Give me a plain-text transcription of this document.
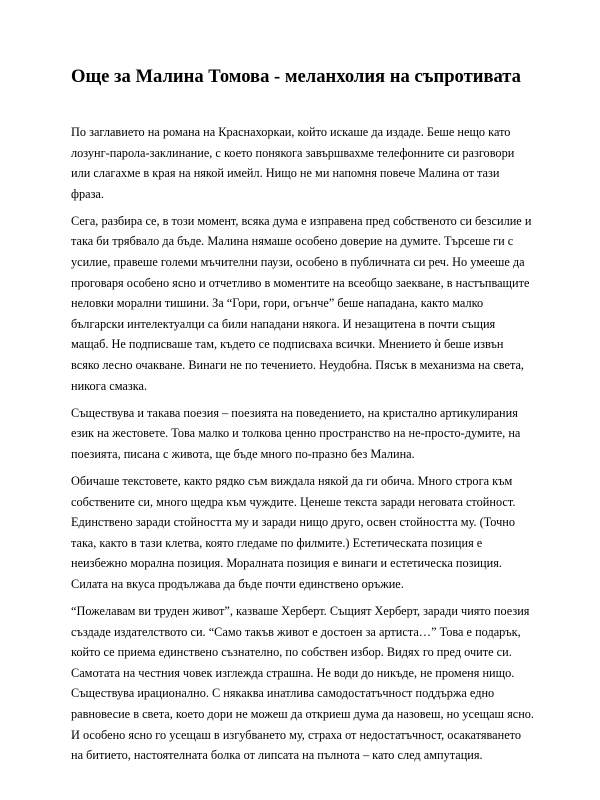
Още за Малина Томова - меланхолия на съпротивата

По заглавието на романа на Краснахоркаи, който искаше да издаде. Беше нещо като
лозунг-парола-заклинание, с което понякога завършвахме телефонните си разговори
или слагахме в края на някой имейл. Нищо не ми напомня повече Малина от тази
фраза.

Сега, разбира се, в този момент, всяка дума е изправена пред собственото си безсилие и
така би трябвало да бъде. Малина нямаше особено доверие на думите. Търсеше ги с
усилие, правеше големи мъчителни паузи, особено в публичната си реч. Но умееше да
проговаря особено ясно и отчетливо в моментите на всеобщо заекване, в настъпващите
неловки морални тишини. За “Гори, гори, огънче” беше нападана, както малко
български интелектуалци са били нападани някога. И незащитена в почти същия
мащаб. Не подписваше там, където се подписваха всички. Мнението ѝ беше извън
всяко лесно очакване. Винаги не по течението. Неудобна. Пясък в механизма на света,
никога смазка.

Съществува и такава поезия – поезията на поведението, на кристално артикулирания
език на жестовете. Това малко и толкова ценно пространство на не-просто-думите, на
поезията, писана с живота, ще бъде много по-празно без Малина.

Обичаше текстовете, както рядко съм виждала някой да ги обича. Много строга към
собствените си, много щедра към чуждите. Ценеше текста заради неговата стойност.
Единствено заради стойността му и заради нищо друго, освен стойността му. (Точно
така, както в тази клетва, която гледаме по филмите.) Естетическата позиция е
неизбежно морална позиция. Моралната позиция е винаги и естетическа позиция.
Силата на вкуса продължава да бъде почти единствено оръжие.

“Пожелавам ви труден живот”, казваше Херберт. Същият Херберт, заради чиято поезия
създаде издателството си. “Само такъв живот е достоен за артиста…” Това е подарък,
който се приема единствено съзнателно, по собствен избор. Видях го пред очите си.
Самотата на честния човек изглежда страшна. Не води до никъде, не променя нищо.
Съществува ирационално. С някаква инатлива самодостатъчност поддържа едно
равновесие в света, което дори не можеш да откриеш дума да назовеш, но усещаш ясно.
И особено ясно го усещаш в изгубването му, страха от недостатъчност, осакатяването
на битието, настоятелната болка от липсата на пълнота – като след ампутация.
